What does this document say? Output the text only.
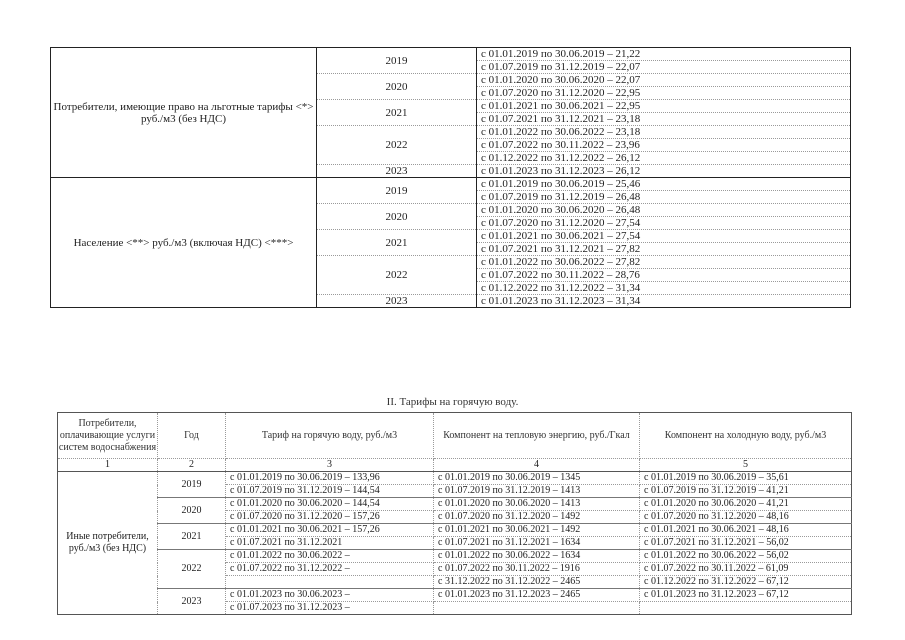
Потребители, имеющие право на льготные тарифы <*> руб./м3 (без НДС)	2019	с 01.01.2019 по 30.06.2019 – 21,22
		с 01.07.2019 по 31.12.2019 – 22,07
	2020	с 01.01.2020 по 30.06.2020 – 22,07
		с 01.07.2020 по 31.12.2020 – 22,95
	2021	с 01.01.2021 по 30.06.2021 – 22,95
		с 01.07.2021 по 31.12.2021 – 23,18
	2022	с 01.01.2022 по 30.06.2022 – 23,18
		с 01.07.2022 по 30.11.2022 – 23,96
		с 01.12.2022 по 31.12.2022 – 26,12
	2023	с 01.01.2023 по 31.12.2023 – 26,12
Население <**> руб./м3 (включая НДС) <***>	2019	с 01.01.2019 по 30.06.2019 – 25,46
		с 01.07.2019 по 31.12.2019 – 26,48
	2020	с 01.01.2020 по 30.06.2020 – 26,48
		с 01.07.2020 по 31.12.2020 – 27,54
	2021	с 01.01.2021 по 30.06.2021 – 27,54
		с 01.07.2021 по 31.12.2021 – 27,82
	2022	с 01.01.2022 по 30.06.2022 – 27,82
		с 01.07.2022 по 30.11.2022 – 28,76
		с 01.12.2022 по 31.12.2022 – 31,34
	2023	с 01.01.2023 по 31.12.2023 – 31,34
II. Тарифы на горячую воду.
Потребители, оплачивающие услуги систем водоснабжения	Год	Тариф на горячую воду, руб./м3	Компонент на тепловую энергию, руб./Гкал	Компонент на холодную воду, руб./м3
1	2	3	4	5
Иные потребители, руб./м3 (без НДС)	2019	с 01.01.2019 по 30.06.2019 – 133,96	с 01.01.2019 по 30.06.2019 – 1345	с 01.01.2019 по 30.06.2019 – 35,61
		с 01.07.2019 по 31.12.2019 – 144,54	с 01.07.2019 по 31.12.2019 – 1413	с 01.07.2019 по 31.12.2019 – 41,21
	2020	с 01.01.2020 по 30.06.2020 – 144,54	с 01.01.2020 по 30.06.2020 – 1413	с 01.01.2020 по 30.06.2020 – 41,21
		с 01.07.2020 по 31.12.2020 – 157,26	с 01.07.2020 по 31.12.2020 – 1492	с 01.07.2020 по 31.12.2020 – 48,16
	2021	с 01.01.2021 по 30.06.2021 – 157,26	с 01.01.2021 по 30.06.2021 – 1492	с 01.01.2021 по 30.06.2021 – 48,16
		с 01.07.2021 по 31.12.2021	с 01.07.2021 по 31.12.2021 – 1634	с 01.07.2021 по 31.12.2021 – 56,02
	2022	с 01.01.2022 по 30.06.2022 –	с 01.01.2022 по 30.06.2022 – 1634	с 01.01.2022 по 30.06.2022 – 56,02
		с 01.07.2022 по 31.12.2022 –	с 01.07.2022 по 30.11.2022 – 1916	с 01.07.2022 по 30.11.2022 – 61,09
			с 31.12.2022 по 31.12.2022 – 2465	с 01.12.2022 по 31.12.2022 – 67,12
	2023	с 01.01.2023 по 30.06.2023 –	с 01.01.2023 по 31.12.2023 – 2465	с 01.01.2023 по 31.12.2023 – 67,12
		с 01.07.2023 по 31.12.2023 –		
